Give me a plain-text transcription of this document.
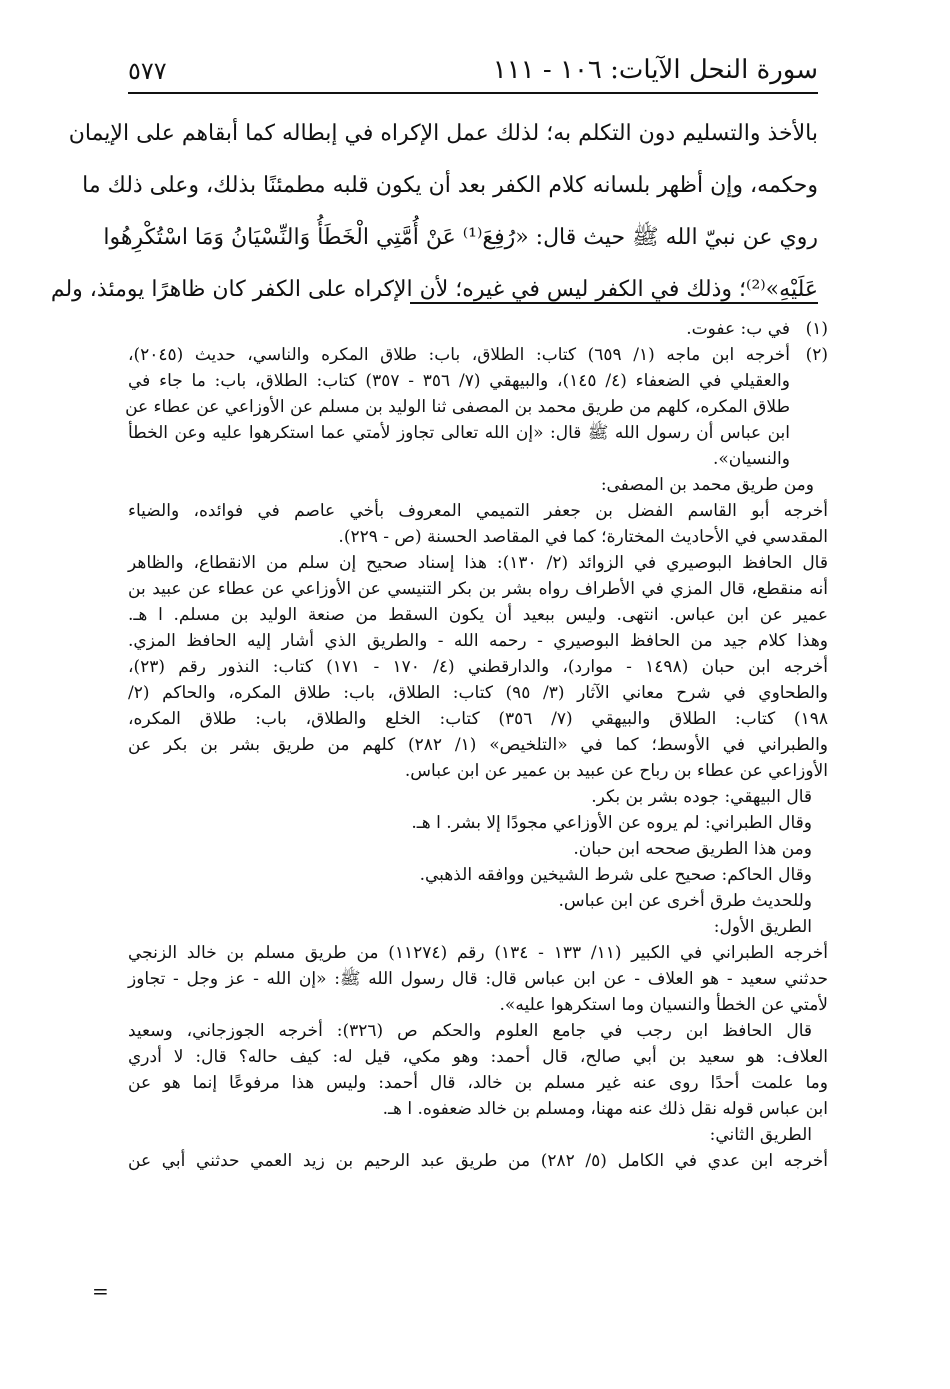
سورة النحل الآيات: ١٠٦ - ١١١
٥٧٧

بالأخذ والتسليم دون التكلم به؛ لذلك عمل الإكراه في إبطاله كما أبقاهم على الإيمان

وحكمه، وإن أظهر بلسانه كلام الكفر بعد أن يكون قلبه مطمئنًا بذلك، وعلى ذلك ما

روي عن نبيّ الله ﷺ حيث قال: «رُفِعَ⁽¹⁾ عَنْ أُمَّتِي الْخَطَأُ وَالنِّسْيَانُ وَمَا اسْتُكْرِهُوا

عَلَيْهِ»⁽²⁾؛ وذلك في الكفر ليس في غيره؛ لأن الإكراه على الكفر كان ظاهرًا يومئذ، ولم

(١)
في ب: عفوت.
(٢)
أخرجه ابن ماجه (١/ ٦٥٩) كتاب: الطلاق، باب: طلاق المكره والناسي، حديث (٢٠٤٥)،
والعقيلي في الضعفاء (٤/ ١٤٥)، والبيهقي (٧/ ٣٥٦ - ٣٥٧) كتاب: الطلاق، باب: ما جاء في
طلاق المكره، كلهم من طريق محمد بن المصفى ثنا الوليد بن مسلم عن الأوزاعي عن عطاء عن
ابن عباس أن رسول الله ﷺ قال: «إن الله تعالى تجاوز لأمتي عما استكرهوا عليه وعن الخطأ
والنسيان».
ومن طريق محمد بن المصفى:
أخرجه أبو القاسم الفضل بن جعفر التميمي المعروف بأخي عاصم في فوائده، والضياء
المقدسي في الأحاديث المختارة؛ كما في المقاصد الحسنة (ص - ٢٢٩).
قال الحافظ البوصيري في الزوائد (٢/ ١٣٠): هذا إسناد صحيح إن سلم من الانقطاع، والظاهر
أنه منقطع، قال المزي في الأطراف رواه بشر بن بكر التنيسي عن الأوزاعي عن عطاء عن عبيد بن
عمير عن ابن عباس. انتهى. وليس ببعيد أن يكون السقط من صنعة الوليد بن مسلم. ا هـ.
وهذا كلام جيد من الحافظ البوصيري - رحمه الله - والطريق الذي أشار إليه الحافظ المزي.
أخرجه ابن حبان (١٤٩٨ - موارد)، والدارقطني (٤/ ١٧٠ - ١٧١) كتاب: النذور رقم (٢٣)،
والطحاوي في شرح معاني الآثار (٣/ ٩٥) كتاب: الطلاق، باب: طلاق المكره، والحاكم (٢/
١٩٨) كتاب: الطلاق والبيهقي (٧/ ٣٥٦) كتاب: الخلع والطلاق، باب: طلاق المكره،
والطبراني في الأوسط؛ كما في «التلخيص» (١/ ٢٨٢) كلهم من طريق بشر بن بكر عن
الأوزاعي عن عطاء بن رباح عن عبيد بن عمير عن ابن عباس.
قال البيهقي: جوده بشر بن بكر.
وقال الطبراني: لم يروه عن الأوزاعي مجودًا إلا بشر. ا هـ.
ومن هذا الطريق صححه ابن حبان.
وقال الحاكم: صحيح على شرط الشيخين ووافقه الذهبي.
وللحديث طرق أخرى عن ابن عباس.
الطريق الأول:
أخرجه الطبراني في الكبير (١١/ ١٣٣ - ١٣٤) رقم (١١٢٧٤) من طريق مسلم بن خالد الزنجي
حدثني سعيد - هو العلاف - عن ابن عباس قال: قال رسول الله ﷺ: «إن الله - عز وجل - تجاوز
لأمتي عن الخطأ والنسيان وما استكرهوا عليه».
قال الحافظ ابن رجب في جامع العلوم والحكم ص (٣٢٦): أخرجه الجوزجاني، وسعيد
العلاف: هو سعيد بن أبي صالح، قال أحمد: وهو مكي، قيل له: كيف حاله؟ قال: لا أدري
وما علمت أحدًا روى عنه غير مسلم بن خالد، قال أحمد: وليس هذا مرفوعًا إنما هو عن
ابن عباس قوله نقل ذلك عنه مهنا، ومسلم بن خالد ضعفوه. ا هـ.
الطريق الثاني:
أخرجه ابن عدي في الكامل (٥/ ٢٨٢) من طريق عبد الرحيم بن زيد العمي حدثني أبي عن
=
